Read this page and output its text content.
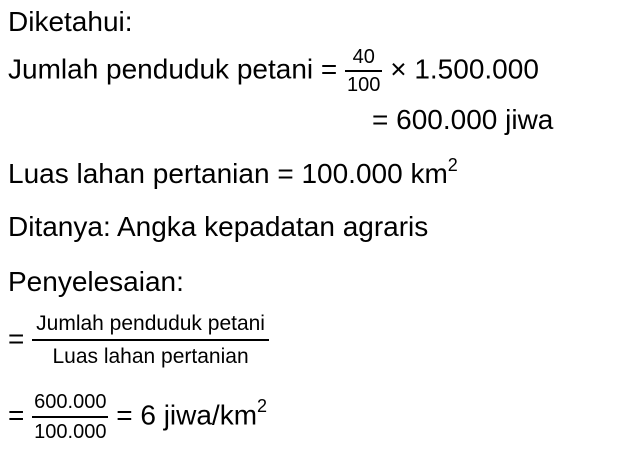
Diketahui:
Jumlah penduduk $petani = \frac{40}{100} \times 1.500.000$
= 600.000 jiwa
Luas lahan pertanian = 100.000 $km^2$
Ditanya: Angka kepadatan agraris
Penyelesaian:
= $\frac{\text{Jumlah penduduk petani}}{\text{Luas lahan pertanian}}$
= $\frac{600.000}{100.000} = 6$ jiwa/$km^2$
